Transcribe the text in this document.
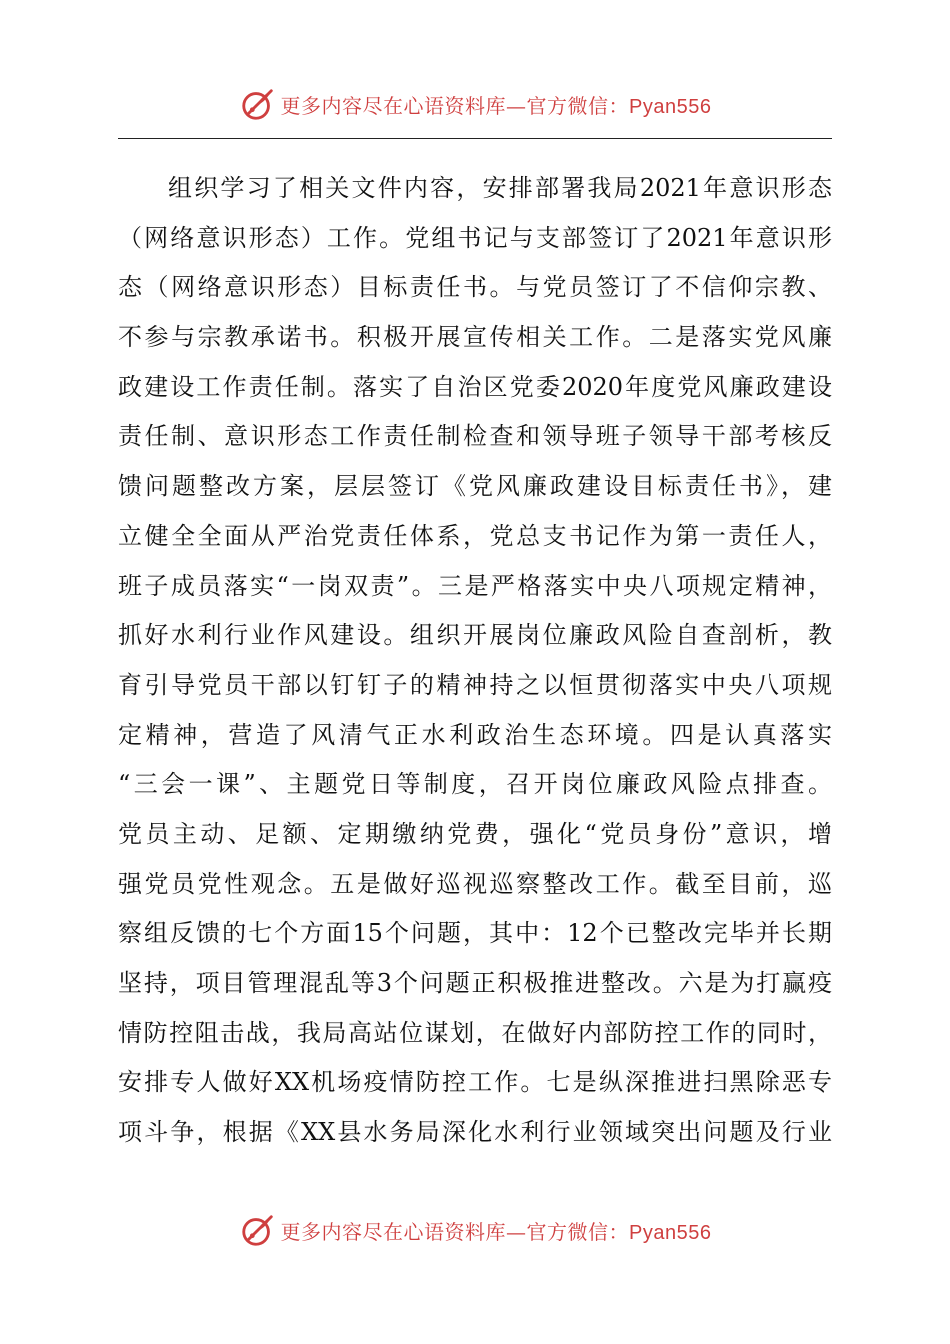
更多内容尽在心语资料库—官方微信：Pyan556
组织学习了相关文件内容，安排部署我局2021年意识形态
（网络意识形态）工作。党组书记与支部签订了2021年意识形
态（网络意识形态）目标责任书。与党员签订了不信仰宗教、
不参与宗教承诺书。积极开展宣传相关工作。二是落实党风廉
政建设工作责任制。落实了自治区党委2020年度党风廉政建设
责任制、意识形态工作责任制检查和领导班子领导干部考核反
馈问题整改方案，层层签订《党风廉政建设目标责任书》，建
立健全全面从严治党责任体系，党总支书记作为第一责任人，
班子成员落实“一岗双责”。三是严格落实中央八项规定精神，
抓好水利行业作风建设。组织开展岗位廉政风险自查剖析，教
育引导党员干部以钉钉子的精神持之以恒贯彻落实中央八项规
定精神，营造了风清气正水利政治生态环境。四是认真落实
“三会一课”、主题党日等制度，召开岗位廉政风险点排查。
党员主动、足额、定期缴纳党费，强化“党员身份”意识，增
强党员党性观念。五是做好巡视巡察整改工作。截至目前，巡
察组反馈的七个方面15个问题，其中：12个已整改完毕并长期
坚持，项目管理混乱等3个问题正积极推进整改。六是为打赢疫
情防控阻击战，我局高站位谋划，在做好内部防控工作的同时，
安排专人做好XX机场疫情防控工作。七是纵深推进扫黑除恶专
项斗争，根据《XX县水务局深化水利行业领域突出问题及行业
更多内容尽在心语资料库—官方微信：Pyan556
